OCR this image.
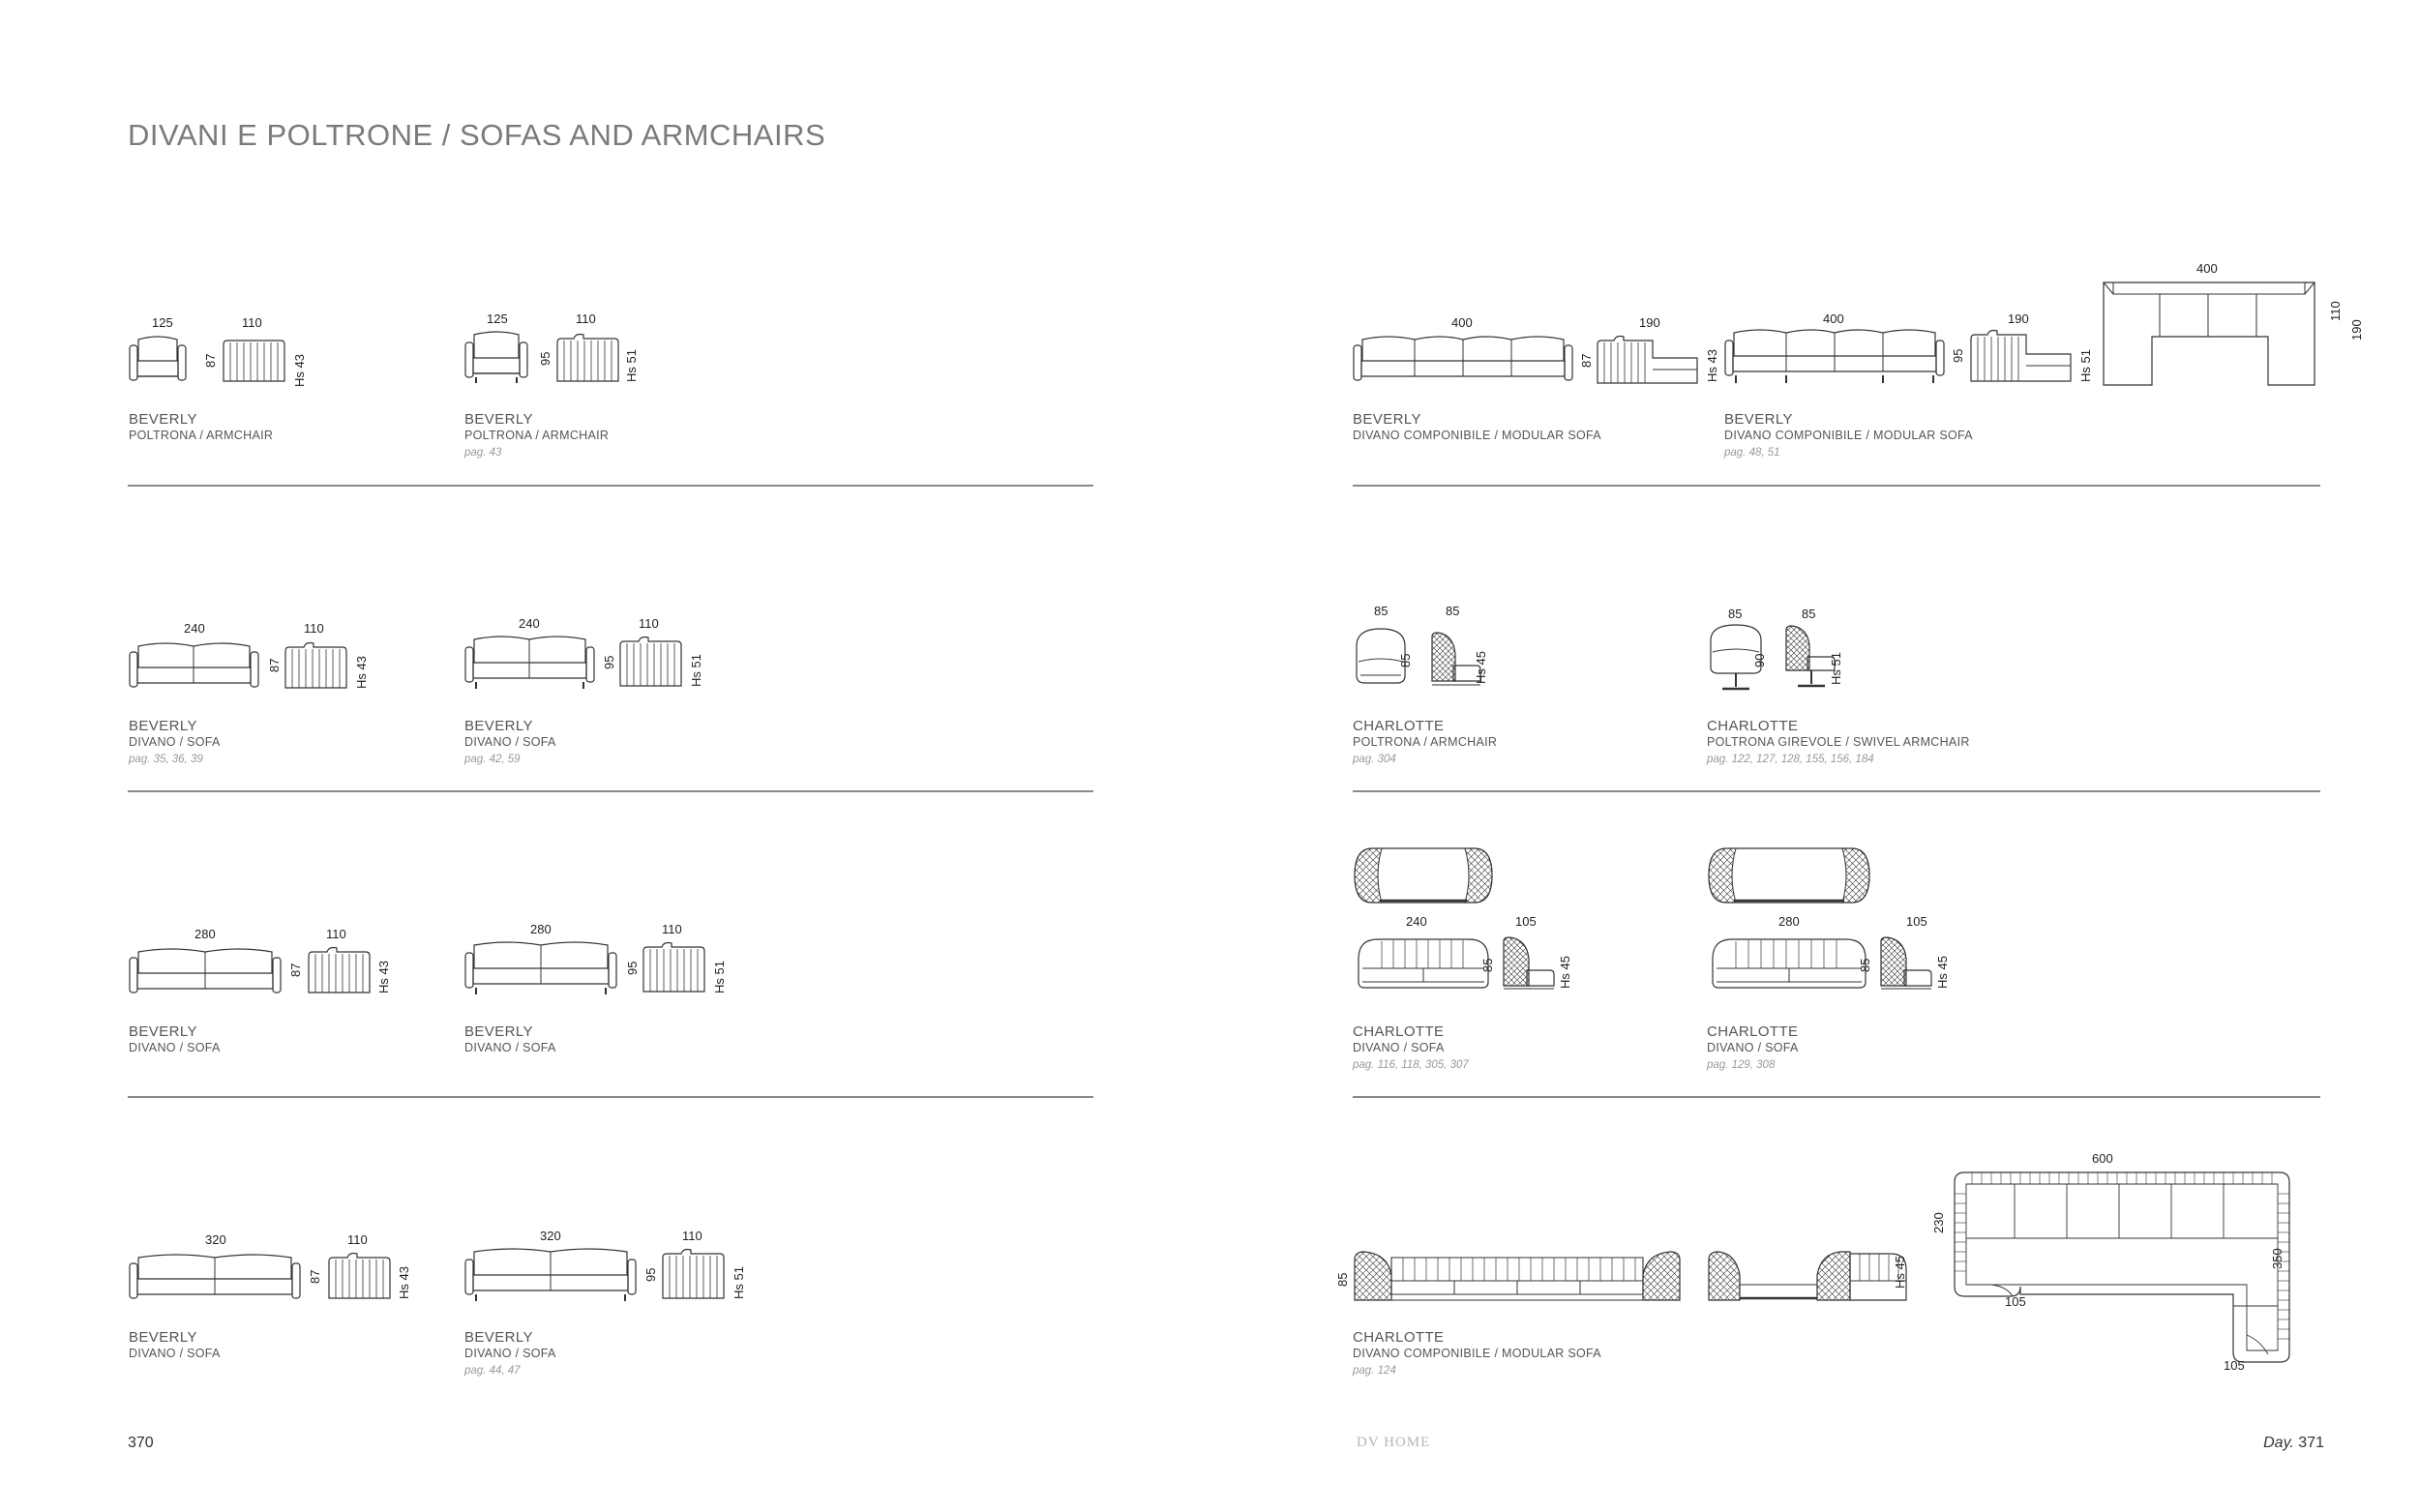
DIVANI E POLTRONE / SOFAS AND ARMCHAIRS
125	110
87	Hs 43
BEVERLY
POLTRONA / ARMCHAIR
125	110
95	Hs 51
BEVERLY
POLTRONA / ARMCHAIR
pag. 43
240	110
87	Hs 43
BEVERLY
DIVANO / SOFA
pag. 35, 36, 39
240	110
95	Hs 51
BEVERLY
DIVANO / SOFA
pag. 42, 59
280	110
87	Hs 43
BEVERLY
DIVANO / SOFA
280	110
95	Hs 51
BEVERLY
DIVANO / SOFA
320	110
87	Hs 43
BEVERLY
DIVANO / SOFA
320	110
95	Hs 51
BEVERLY
DIVANO / SOFA
pag. 44, 47
400	190
87	Hs 43
BEVERLY
DIVANO COMPONIBILE / MODULAR SOFA
400	190
95	Hs 51
400
110
190
BEVERLY
DIVANO COMPONIBILE / MODULAR SOFA
pag. 48, 51
85	85
85	Hs 45
CHARLOTTE
POLTRONA / ARMCHAIR
pag. 304
85	85
90	Hs 51
CHARLOTTE
POLTRONA GIREVOLE / SWIVEL ARMCHAIR
pag. 122, 127, 128, 155, 156, 184
240	105
85	Hs 45
CHARLOTTE
DIVANO / SOFA
pag. 116, 118, 305, 307
280	105
85	Hs 45
CHARLOTTE
DIVANO / SOFA
pag. 129, 308
85	Hs 45
600
230
105
350
105
CHARLOTTE
DIVANO COMPONIBILE / MODULAR SOFA
pag. 124
370	DV HOME	Day. 371
